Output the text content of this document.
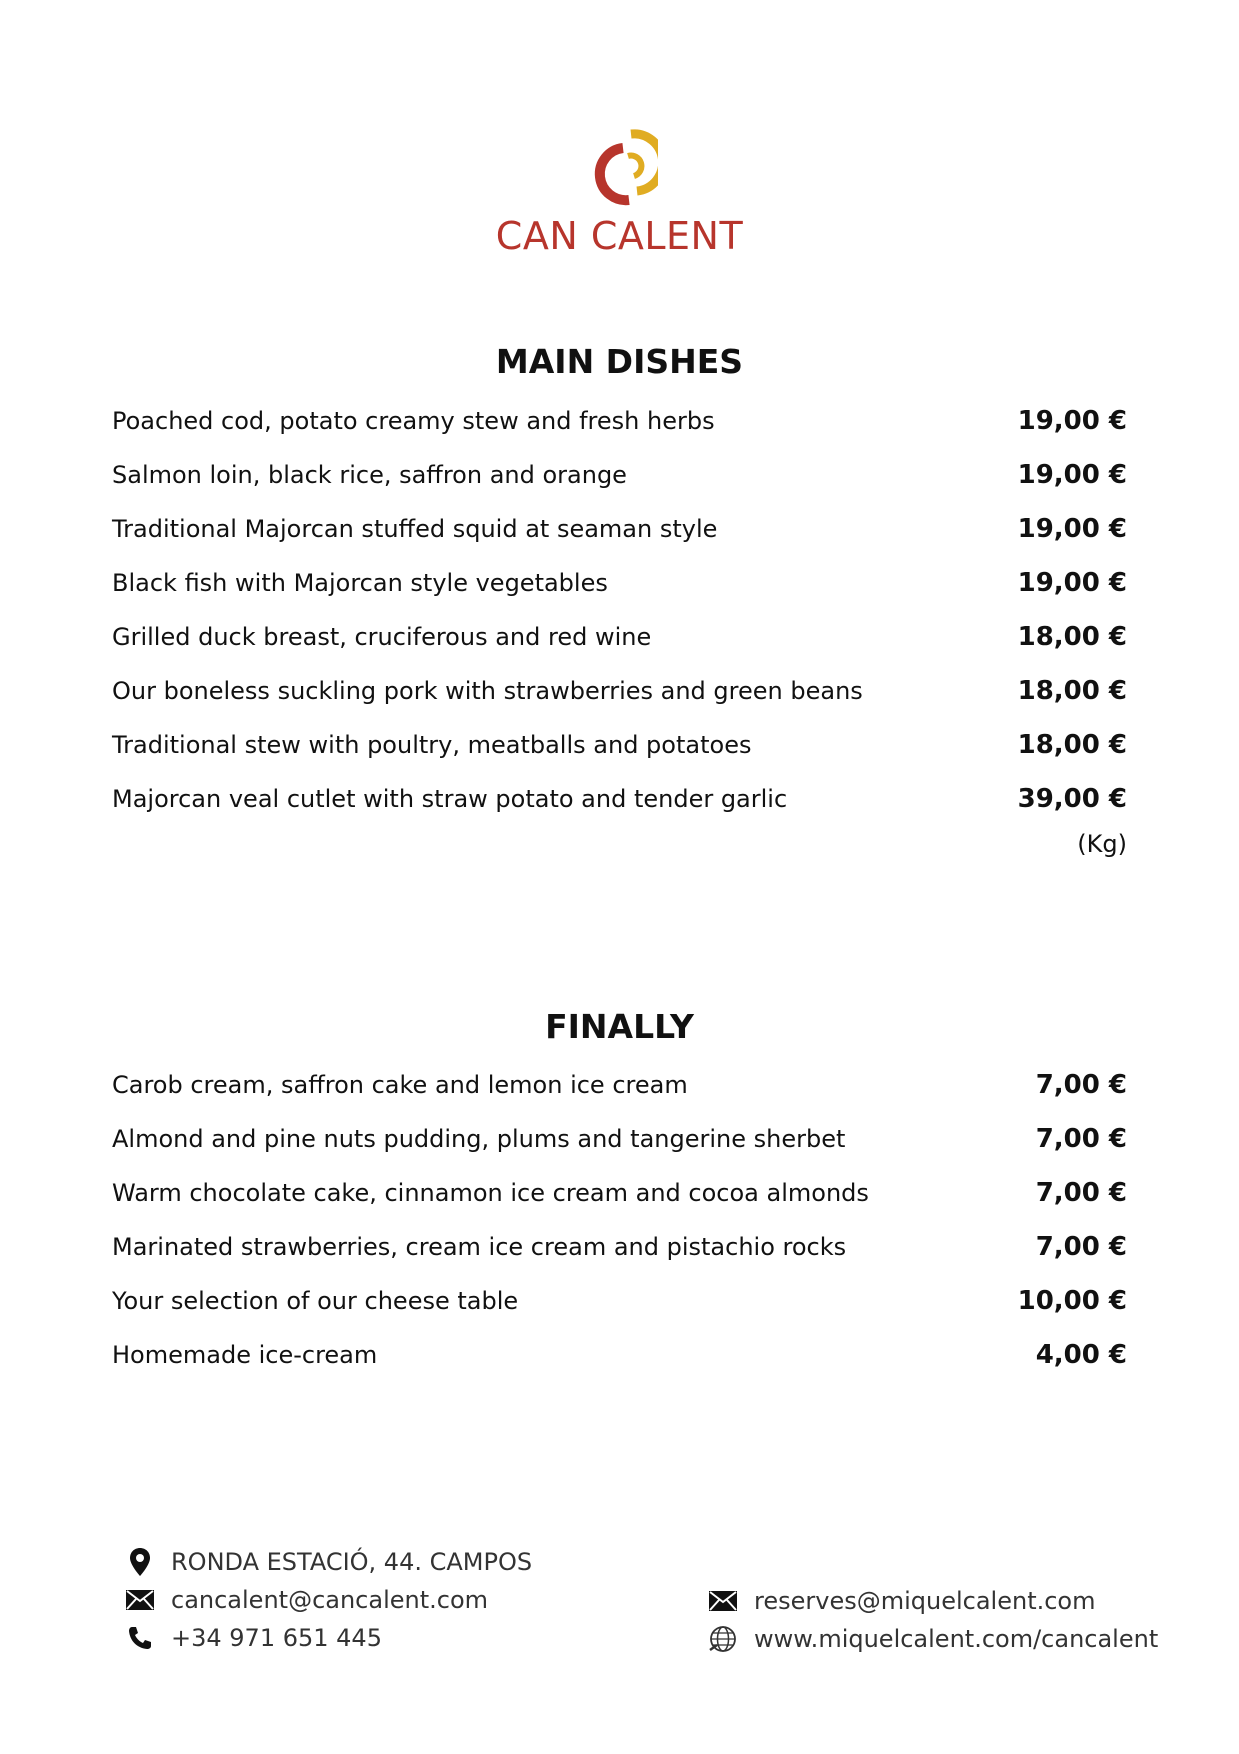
CAN CALENT
MAIN DISHES
Poached cod, potato creamy stew and fresh herbs	19,00 €
Salmon loin, black rice, saffron and orange	19,00 €
Traditional Majorcan stuffed squid at seaman style	19,00 €
Black fish with Majorcan style vegetables	19,00 €
Grilled duck breast, cruciferous and red wine	18,00 €
Our boneless suckling pork with strawberries and green beans	18,00 €
Traditional stew with poultry, meatballs and potatoes	18,00 €
Majorcan veal cutlet with straw potato and tender garlic	39,00 €
(Kg)
FINALLY
Carob cream, saffron cake and lemon ice cream	7,00 €
Almond and pine nuts pudding, plums and tangerine sherbet	7,00 €
Warm chocolate cake, cinnamon ice cream and cocoa almonds	7,00 €
Marinated strawberries, cream ice cream and pistachio rocks	7,00 €
Your selection of our cheese table	10,00 €
Homemade ice-cream	4,00 €
RONDA ESTACIÓ, 44. CAMPOS
cancalent@cancalent.com
+34 971 651 445
reserves@miquelcalent.com
www.miquelcalent.com/cancalent
